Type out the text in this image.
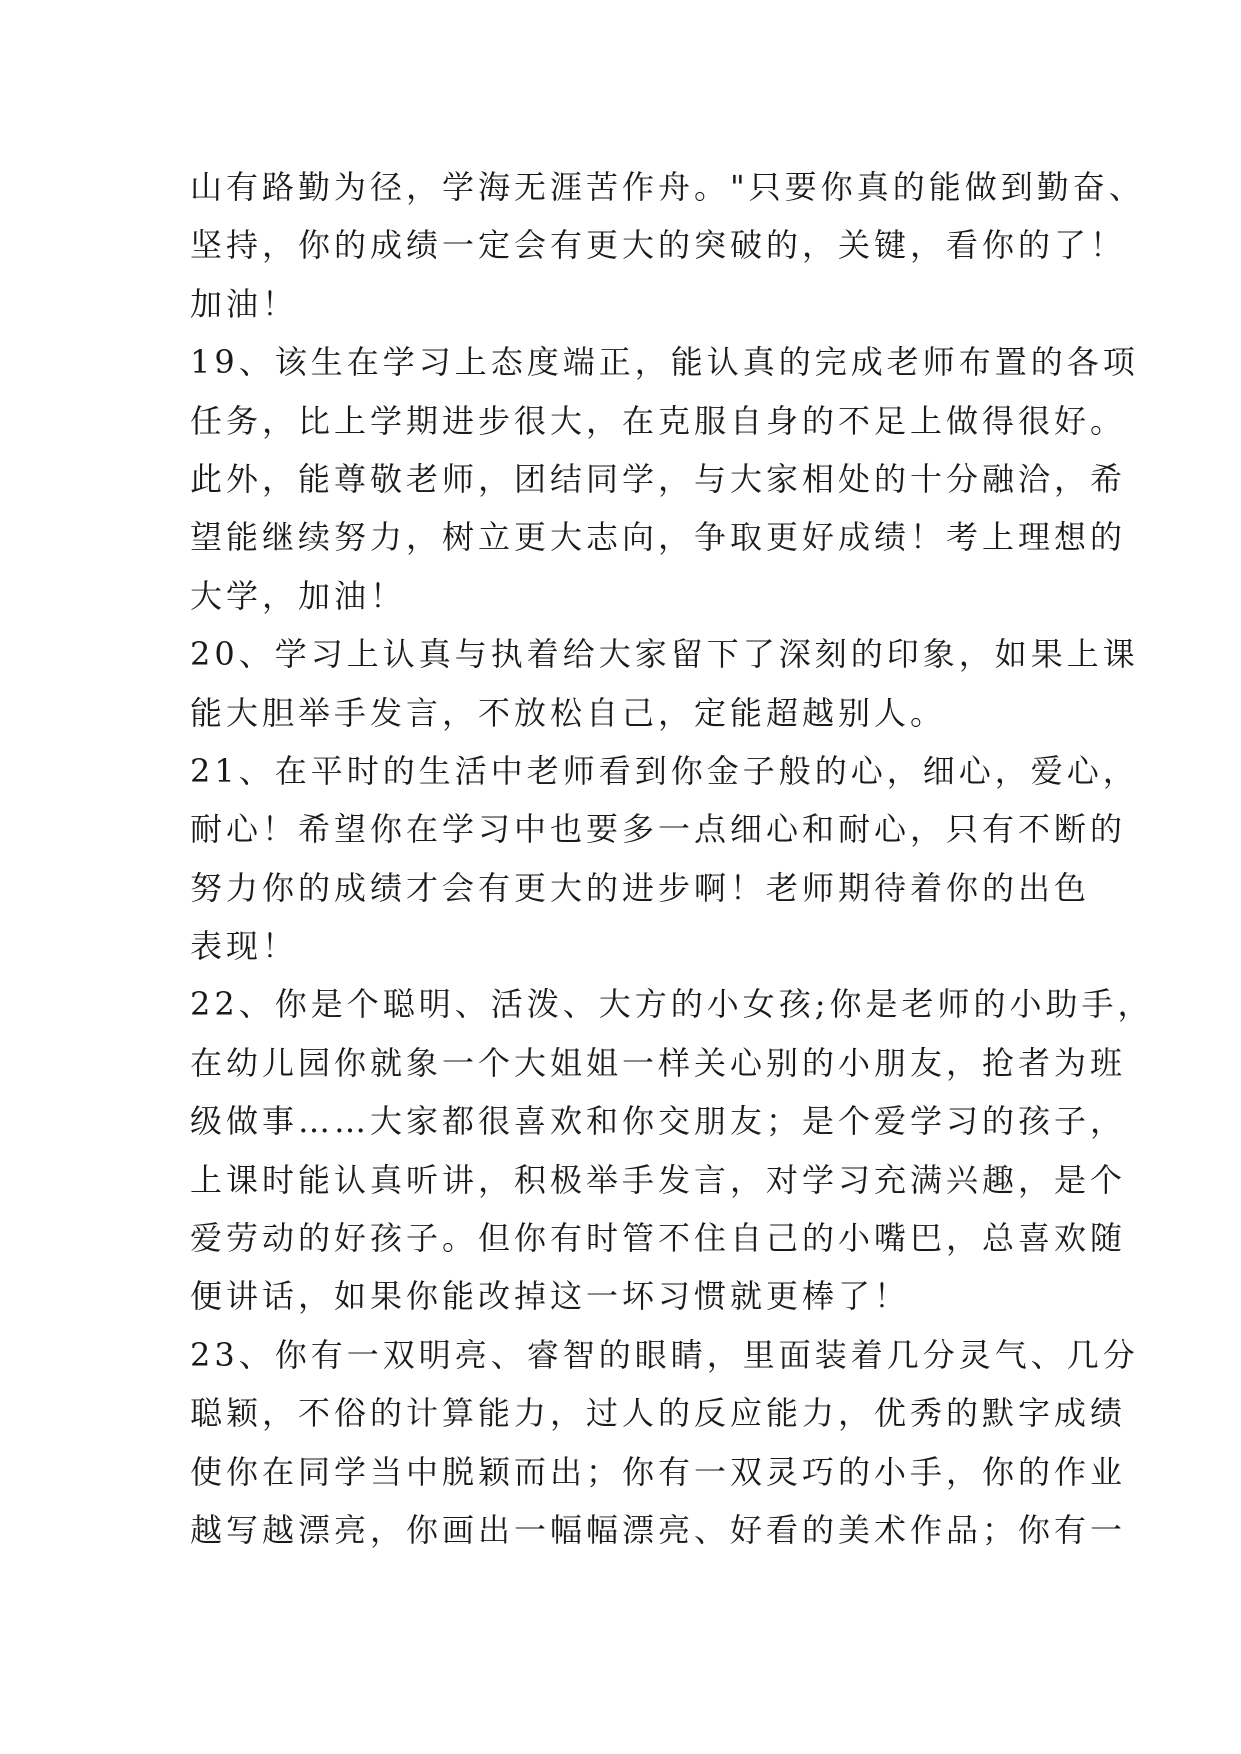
山有路勤为径，学海无涯苦作舟。"只要你真的能做到勤奋、
坚持，你的成绩一定会有更大的突破的，关键，看你的了！
加油！
19、该生在学习上态度端正，能认真的完成老师布置的各项
任务，比上学期进步很大，在克服自身的不足上做得很好。
此外，能尊敬老师，团结同学，与大家相处的十分融洽，希
望能继续努力，树立更大志向，争取更好成绩！考上理想的
大学，加油！
20、学习上认真与执着给大家留下了深刻的印象，如果上课
能大胆举手发言，不放松自己，定能超越别人。
21、在平时的生活中老师看到你金子般的心，细心，爱心，
耐心！希望你在学习中也要多一点细心和耐心，只有不断的
努力你的成绩才会有更大的进步啊！老师期待着你的出色
表现！
22、你是个聪明、活泼、大方的小女孩;你是老师的小助手，
在幼儿园你就象一个大姐姐一样关心别的小朋友，抢者为班
级做事……大家都很喜欢和你交朋友；是个爱学习的孩子，
上课时能认真听讲，积极举手发言，对学习充满兴趣，是个
爱劳动的好孩子。但你有时管不住自己的小嘴巴，总喜欢随
便讲话，如果你能改掉这一坏习惯就更棒了！
23、你有一双明亮、睿智的眼睛，里面装着几分灵气、几分
聪颖，不俗的计算能力，过人的反应能力，优秀的默字成绩
使你在同学当中脱颖而出；你有一双灵巧的小手，你的作业
越写越漂亮，你画出一幅幅漂亮、好看的美术作品；你有一
